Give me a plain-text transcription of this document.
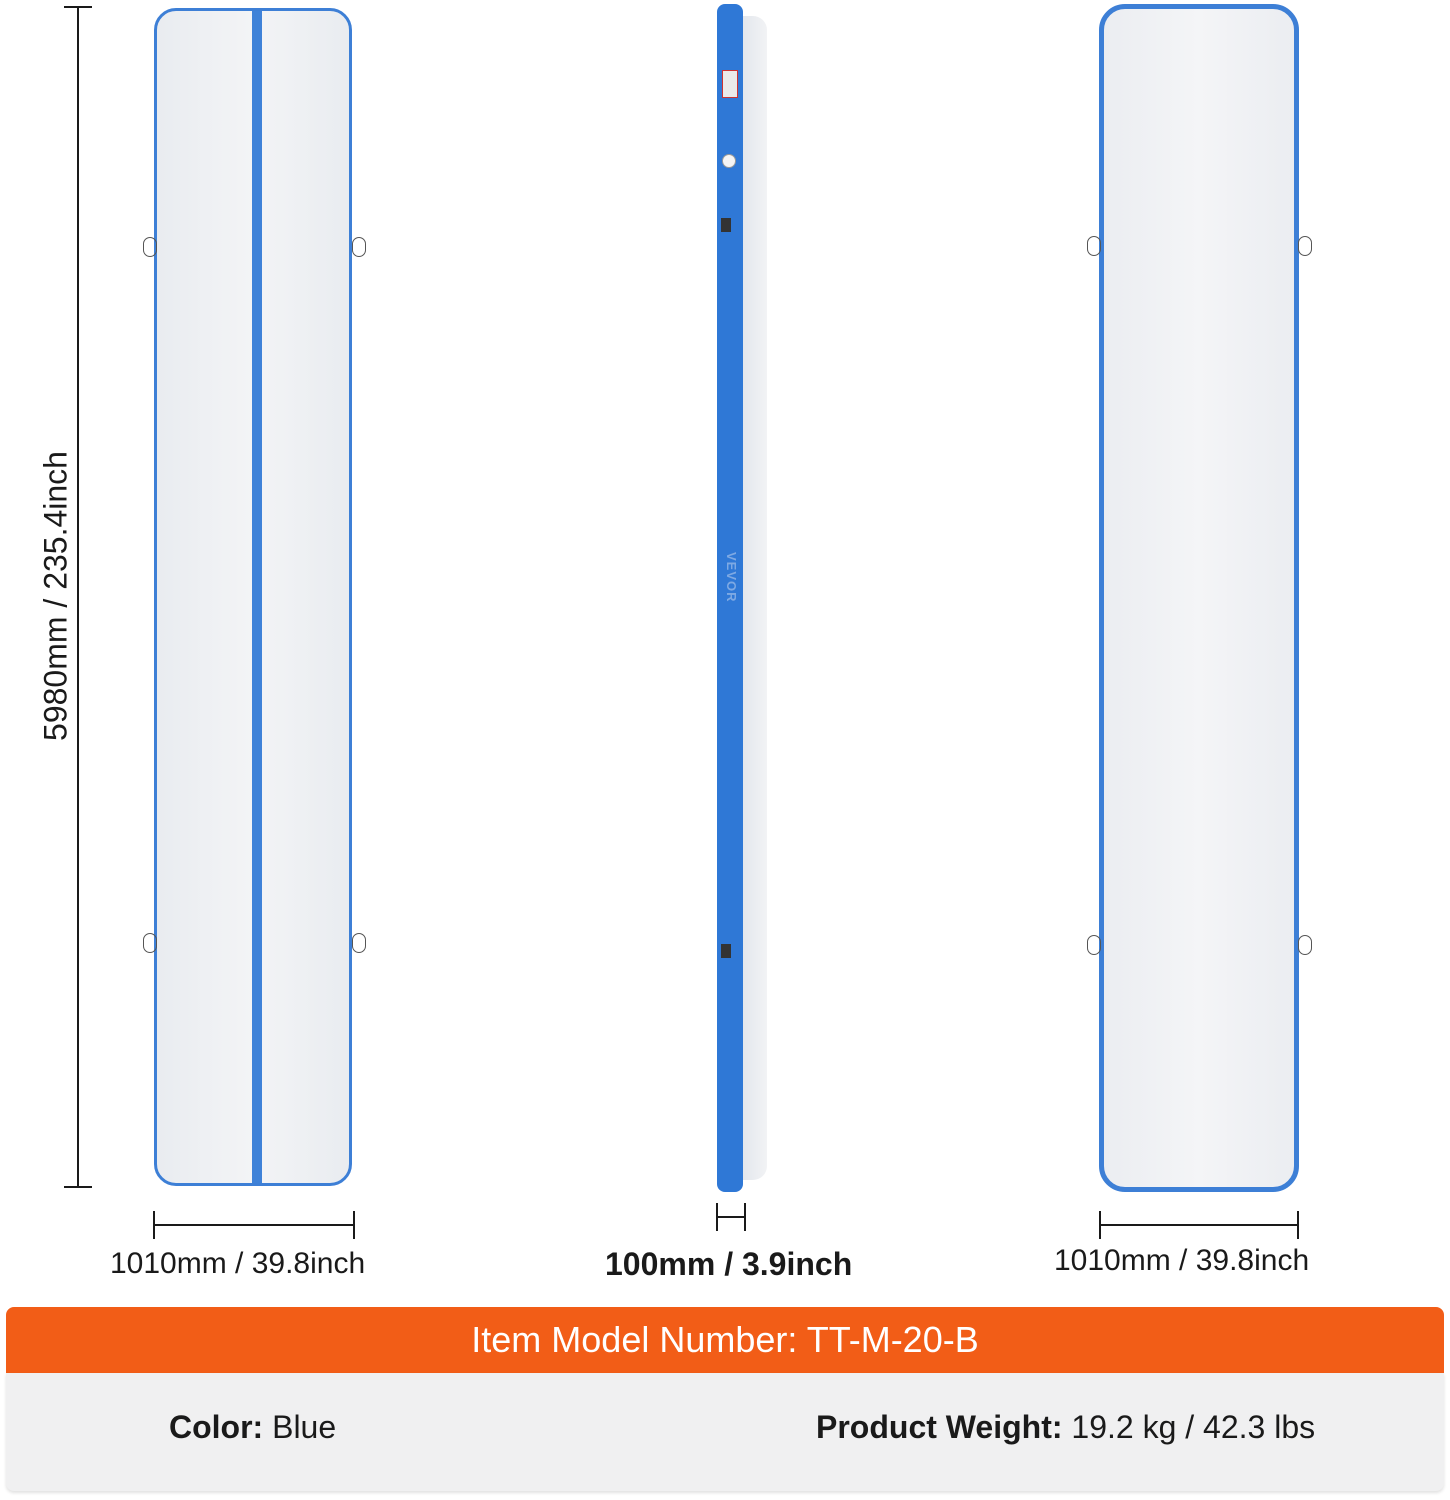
5980mm / 235.4inch
1010mm / 39.8inch
VEVOR
100mm / 3.9inch	1010mm / 39.8inch
Item Model Number: TT-M-20-B
Color: Blue	Product Weight: 19.2 kg / 42.3 lbs
